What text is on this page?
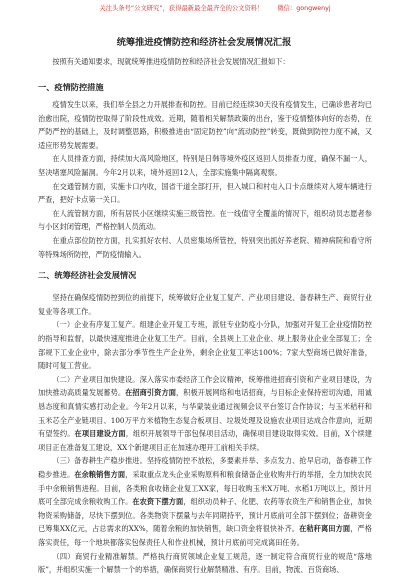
关注头条号“公文研究”，获得最新最全最齐全的公文资料！ 微信：gongwenyj
统筹推进疫情防控和经济社会发展情况汇报

按照有关通知要求，现就统筹推进疫情防控和经济社会发展情况汇报如下：

一、疫情防控措施

疫情发生以来，我们举全县之力开展排查和防控。目前已经连续30天没有疫情发生，已确诊患者均已治愈出院，疫情防控取得了阶段性成效。近期，随着相关解禁政策的出台，鉴于疫情整体向好的态势，在严防严控的基础上，及时调整思路，积极推进由“固定防控”向“流动防控”转变，既做到防控力度不减，又适应形势发展需要。

在人员排查方面，持续加大高风险地区，特别是日韩等境外疫区返回人员排查力度，确保不漏一人，坚决堵塞风险漏洞。今年2月以来，境外返回12人，全部实施集中隔离观察。

在交通管制方面，实施卡口内收，国省干道全部打开，但入城口和村屯入口卡点继续对入境车辆进行严查，把好卡点第一关口。

在人流管制方面，所有居民小区继续实施三级管控。在一线值守全覆盖的情况下，组织动员志愿者参与小区封闭管理，严格控制人员流动。

在重点部位防控方面，扎实抓好农村、人员密集场所管控，特别突出抓好养老院、精神病院和看守所等特殊场所防控，严防疫情输入。

二、统筹经济社会发展情况

坚持在确保疫情防控到位的前提下，统筹做好企业复工复产、产业项目建设、备春耕生产、商贸行业复业等各项工作。

（一）企业有序复工复产。组建企业开复工专班，派驻专业防疫小分队，加强对开复工企业疫情防控的指导和监督，以最快速度推进企业复工生产。目前，全县规上工业企业、规上服务业企业全部复工；全部规下工业企业中，除去部分季节性生产企业外，剩余企业复工率达100%；7家大型商场已做好准备，随时可复工营业。

（二）产业项目加快建设。深入落实市委经济工作会议精神，统筹推进招商引资和产业项目建设，为加快推动高质量发展蓄势。在招商引资方面，积极开展网络和电话招商，与目标企业保持密切沟通，用诚恳态度和真情实感打动企业。今年2月以来，与华蒙装业通过视频会议平台签订合作协议；与玉米秸秆和玉米芯全产业链项目、100万平方米植物生态复合板项目、垃圾处理及设施农业项目达成合作意向，近期有望签约。在项目建设方面，组织开展领导干部包保项目活动，确保项目建设取得实效。目前，X个续建项目正在准备复工建设，XX个新建项目正在加速办理开工前相关手续。

（三）备春耕生产稳步推进。坚持疫情防控不放松，多要素并举、多点发力、抢早启动，备春耕工作稳步推进。在余粮销售方面，采取重点龙头企业采购原料和粮食储备企业收购并行的举措，全力加快农民手中余粮销售进程。目前，各类粮食收储企业复工XX家，每日收购玉米X万吨、水稻1万吨以上，预计月底可全部完成余粮收购工作。在农资下摆方面，组织动员种子、化肥、农药等农资生产和销售企业，加快物资采购储备，尽快下摆到位。各类物资下摆量与去年同期持平，预计月底前可全部下摆到位；备耕资金已筹集XX亿元，占总需求的XX%，随着余粮的加快销售，缺口资金将很快补齐。在秸秆离田方面，严格落实责任，每一个地块都落实包保责任人和作业机械，预计月底前可完成离田任务。

（四）商贸行业精准解禁。严格执行商贸领域企业复工规范，逐一制定符合商贸行业的规范“落地版”，并组织实施一个解禁一个的举措，确保商贸行业解禁精准、有序。目前，物流、百货商场、
